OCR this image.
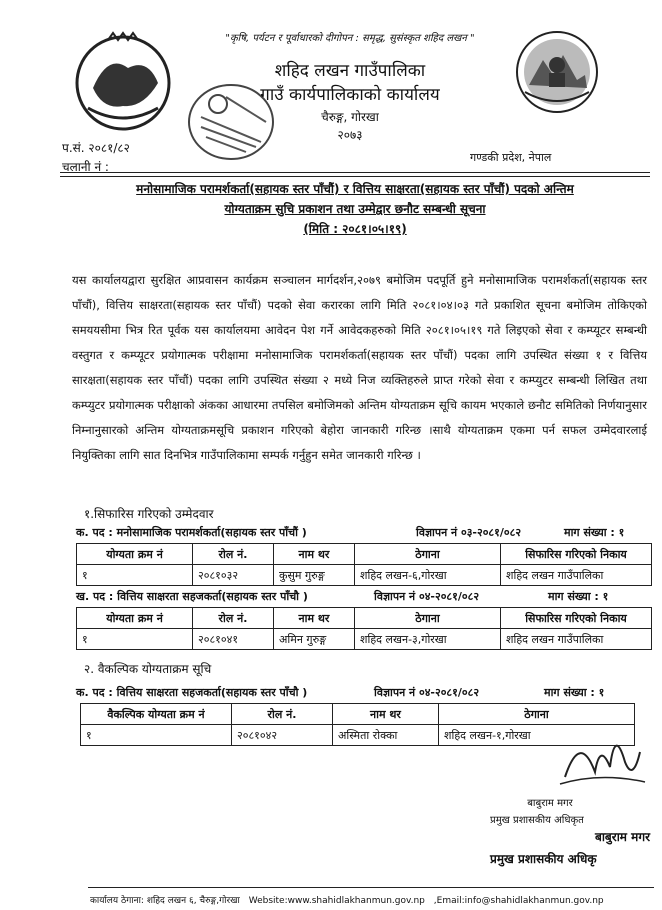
"कृषि, पर्यटन र पूर्वाधारको दीगोपन : समृद्ध, सुसंस्कृत शहिद लखन "
शहिद लखन गाउँपालिका
गाउँ कार्यपालिकाको कार्यालय
चैरुङ्ग, गोरखा
२०७३
प.सं. २०८१/८२
चलानी नं :
गण्डकी प्रदेश, नेपाल
मनोसामाजिक परामर्शकर्ता(सहायक स्तर पाँचौं) र वित्तिय साक्षरता(सहायक स्तर पाँचौं) पदको अन्तिम
योग्यताक्रम सुचि प्रकाशन तथा उम्मेद्वार छनौट सम्बन्धी सूचना
(मिति : २०८१।०५।१९)
यस कार्यालयद्वारा सुरक्षित आप्रवासन कार्यक्रम सञ्चालन मार्गदर्शन,२०७९ बमोजिम पदपूर्ति हुने मनोसामाजिक परामर्शकर्ता(सहायक स्तर पाँचौं), वित्तिय साक्षरता(सहायक स्तर पाँचौं) पदको सेवा करारका लागि मिति २०८१।०४।०३ गते प्रकाशित सूचना बमोजिम तोकिएको समययसीमा भित्र रित पूर्वक यस कार्यालयमा आवेदन पेश गर्ने आवेदकहरुको मिति २०८१।०५।१९ गते लिइएको सेवा र कम्प्यूटर सम्बन्धी वस्तुगत र कम्प्यूटर प्रयोगात्मक परीक्षामा मनोसामाजिक परामर्शकर्ता(सहायक स्तर पाँचौं) पदका लागि उपस्थित संख्या १ र वित्तिय सारक्षता(सहायक स्तर पाँचौं) पदका लागि उपस्थित संख्या २ मध्ये निज व्यक्तिहरुले प्राप्त गरेको सेवा र कम्प्युटर सम्बन्धी लिखित तथा कम्प्युटर प्रयोगात्मक परीक्षाको अंकका आधारमा तपसिल बमोजिमको अन्तिम योग्यताक्रम सूचि कायम भएकाले छनौट समितिको निर्णयानुसार निम्नानुसारको अन्तिम योग्यताक्रमसूचि प्रकाशन गरिएको बेहोरा जानकारी गरिन्छ ।साथै योग्यताक्रम एकमा पर्न सफल उम्मेदवारलाई नियुक्तिका लागि सात दिनभित्र गाउँपालिकामा सम्पर्क गर्नुहुन समेत जानकारी गरिन्छ ।
१.सिफारिस गरिएको उम्मेदवार
क. पद : मनोसामाजिक परामर्शकर्ता(सहायक स्तर पाँचौं )	विज्ञापन नं ०३-२०८१/०८२	माग संख्या : १
योग्यता क्रम नं	रोल नं.	नाम थर	ठेगाना	सिफारिस गरिएको निकाय
१	२०८१०३२	कुसुम गुरुङ्ग	शहिद लखन-६,गोरखा	शहिद लखन गाउँपालिका
ख. पद : वित्तिय साक्षरता सहजकर्ता(सहायक स्तर पाँचौ )	विज्ञापन नं ०४-२०८१/०८२	माग संख्या : १
योग्यता क्रम नं	रोल नं.	नाम थर	ठेगाना	सिफारिस गरिएको निकाय
१	२०८१०४१	अमिन गुरुङ्ग	शहिद लखन-३,गोरखा	शहिद लखन गाउँपालिका
२. वैकल्पिक योग्यताक्रम सूचि
क. पद : वित्तिय साक्षरता सहजकर्ता(सहायक स्तर पाँचौ )	विज्ञापन नं ०४-२०८१/०८२	माग संख्या : १
वैकल्पिक योग्यता क्रम नं	रोल नं.	नाम थर	ठेगाना
१	२०८१०४२	अस्मिता रोक्का	शहिद लखन-१,गोरखा
बाबुराम मगर
प्रमुख प्रशासकीय अधिकृत
बाबुराम मगर
प्रमुख प्रशासकीय अधिकृ
कार्यालय ठेगाना: शहिद लखन ६, चैरुङ्ग,गोरखा Website:www.shahidlakhanmun.gov.np ,Email:info@shahidlakhanmun.gov.np
